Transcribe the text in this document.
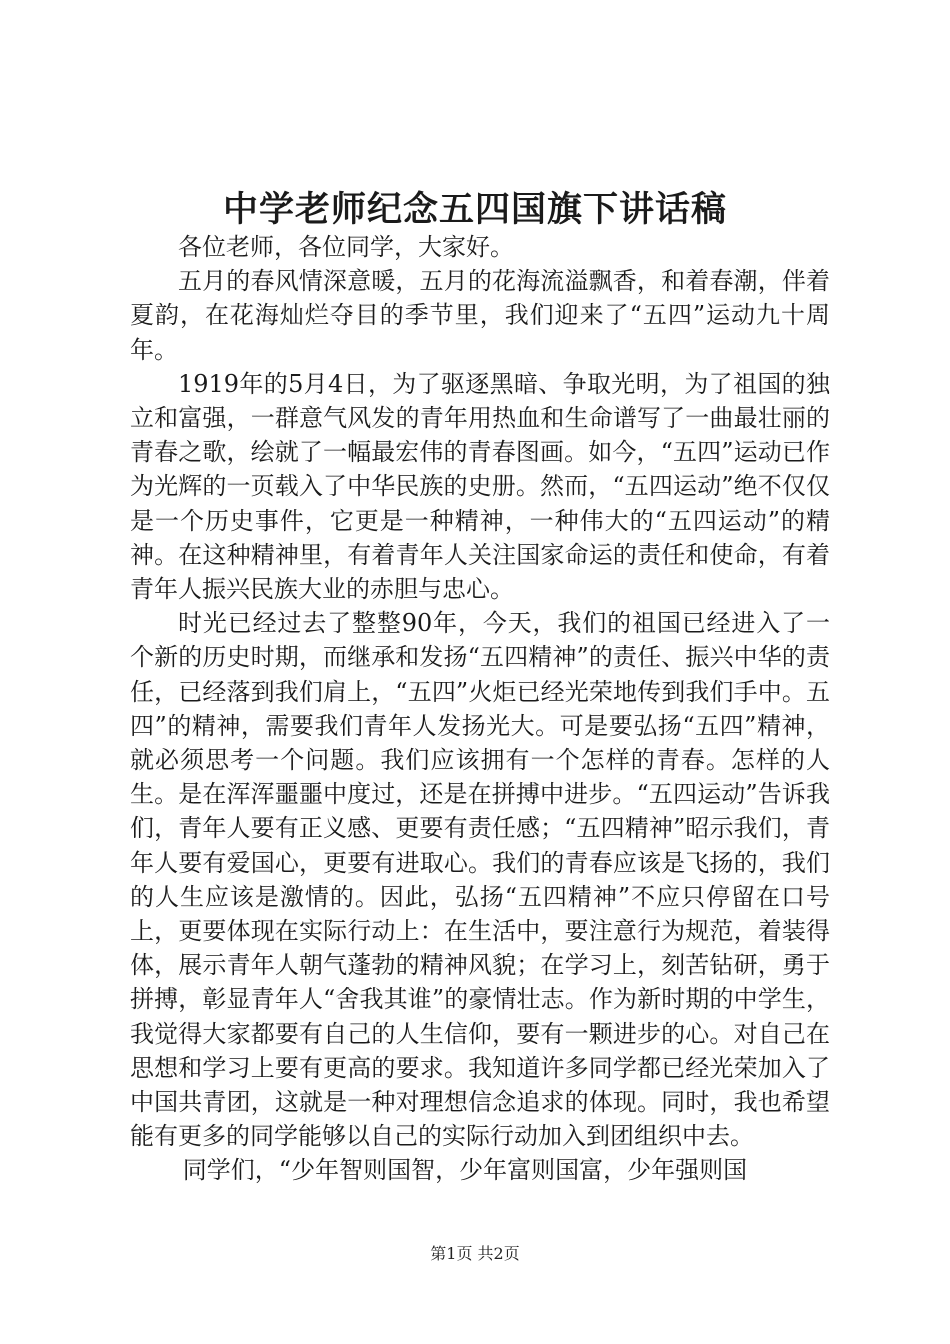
中学老师纪念五四国旗下讲话稿

各位老师，各位同学，大家好。

五月的春风情深意暖，五月的花海流溢飘香，和着春潮，伴着夏韵，在花海灿烂夺目的季节里，我们迎来了“五四”运动九十周年。

1919年的5月4日，为了驱逐黑暗、争取光明，为了祖国的独立和富强，一群意气风发的青年用热血和生命谱写了一曲最壮丽的青春之歌，绘就了一幅最宏伟的青春图画。如今，“五四”运动已作为光辉的一页载入了中华民族的史册。然而，“五四运动”绝不仅仅是一个历史事件，它更是一种精神，一种伟大的“五四运动”的精神。在这种精神里，有着青年人关注国家命运的责任和使命，有着青年人振兴民族大业的赤胆与忠心。

时光已经过去了整整90年，今天，我们的祖国已经进入了一个新的历史时期，而继承和发扬“五四精神”的责任、振兴中华的责任，已经落到我们肩上，“五四”火炬已经光荣地传到我们手中。五四”的精神，需要我们青年人发扬光大。可是要弘扬“五四”精神，就必须思考一个问题。我们应该拥有一个怎样的青春。怎样的人生。是在浑浑噩噩中度过，还是在拼搏中进步。“五四运动”告诉我们，青年人要有正义感、更要有责任感；“五四精神”昭示我们，青年人要有爱国心，更要有进取心。我们的青春应该是飞扬的，我们的人生应该是激情的。因此，弘扬“五四精神”不应只停留在口号上，更要体现在实际行动上：在生活中，要注意行为规范，着装得体，展示青年人朝气蓬勃的精神风貌；在学习上，刻苦钻研，勇于拼搏，彰显青年人“舍我其谁”的豪情壮志。作为新时期的中学生，我觉得大家都要有自己的人生信仰，要有一颗进步的心。对自己在思想和学习上要有更高的要求。我知道许多同学都已经光荣加入了中国共青团，这就是一种对理想信念追求的体现。同时，我也希望能有更多的同学能够以自己的实际行动加入到团组织中去。

同学们，“少年智则国智，少年富则国富，少年强则国

第1页 共2页
